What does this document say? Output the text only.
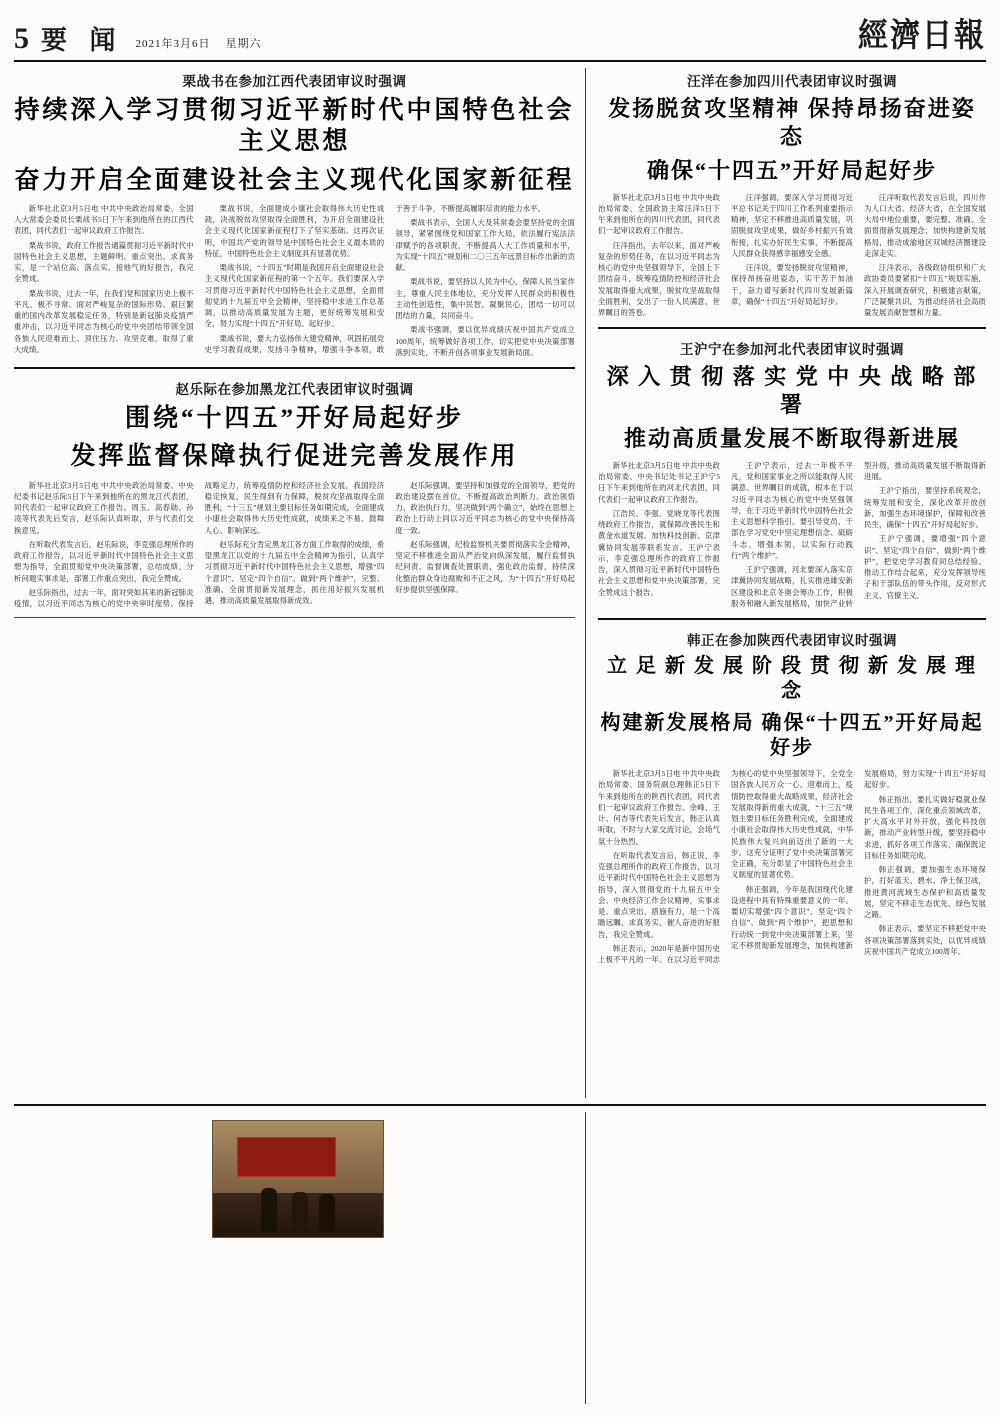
5 要 闻 2021年3月6日 星期六	經濟日報
栗战书在参加江西代表团审议时强调
持续深入学习贯彻习近平新时代中国特色社会主义思想
奋力开启全面建设社会主义现代化国家新征程

新华社北京3月5日电 中共中央政治局常委、全国人大常委会委员长栗战书5日下午来到他所在的江西代表团，同代表们一起审议政府工作报告。

栗战书说，政府工作报告通篇贯彻习近平新时代中国特色社会主义思想，主题鲜明、重点突出、求真务实，是一个站位高、落点实、接地气的好报告，我完全赞成。

栗战书说，过去一年，在我们党和国家历史上极不平凡、极不寻常。面对严峻复杂的国际形势、艰巨繁重的国内改革发展稳定任务，特别是新冠肺炎疫情严重冲击，以习近平同志为核心的党中央团结带领全国各族人民迎难而上、顶住压力、攻坚克难，取得了重大成绩。

栗战书说，全面建成小康社会取得伟大历史性成就，决战脱贫攻坚取得全面胜利，为开启全面建设社会主义现代化国家新征程打下了坚实基础。这再次证明，中国共产党的领导是中国特色社会主义最本质的特征，中国特色社会主义制度具有显著优势。

栗战书说，“十四五”时期是我国开启全面建设社会主义现代化国家新征程的第一个五年。我们要深入学习贯彻习近平新时代中国特色社会主义思想，全面贯彻党的十九届五中全会精神，坚持稳中求进工作总基调，以推动高质量发展为主题，更好统筹发展和安全，努力实现“十四五”开好局、起好步。

栗战书说，要大力弘扬伟大建党精神，巩固拓展党史学习教育成果，发扬斗争精神，增强斗争本领，敢于善于斗争，不断提高履职尽责的能力水平。

栗战书表示，全国人大及其常委会要坚持党的全面领导，紧紧围绕党和国家工作大局，依法履行宪法法律赋予的各项职责，不断提高人大工作质量和水平，为实现“十四五”规划和二〇三五年远景目标作出新的贡献。

栗战书说，要坚持以人民为中心，保障人民当家作主，尊重人民主体地位，充分发挥人民群众的积极性主动性创造性，集中民智、凝聚民心，团结一切可以团结的力量，共同奋斗。

栗战书强调，要以优异成绩庆祝中国共产党成立100周年，统筹做好各项工作，切实把党中央决策部署落到实处，不断开创各项事业发展新局面。

赵乐际在参加黑龙江代表团审议时强调
围绕“十四五”开好局起好步
发挥监督保障执行促进完善发展作用

新华社北京3月5日电 中共中央政治局常委、中央纪委书记赵乐际5日下午来到他所在的黑龙江代表团，同代表们一起审议政府工作报告。周玉、高春勋、孙凌等代表先后发言，赵乐际认真听取，并与代表们交换意见。

在听取代表发言后，赵乐际说，李克强总理所作的政府工作报告，以习近平新时代中国特色社会主义思想为指导，全面贯彻党中央决策部署，总结成绩、分析问题实事求是，部署工作重点突出，我完全赞成。

赵乐际指出，过去一年，面对突如其来的新冠肺炎疫情，以习近平同志为核心的党中央审时度势、保持战略定力，统筹疫情防控和经济社会发展，我国经济稳定恢复，民生得到有力保障，脱贫攻坚战取得全面胜利，“十三五”规划主要目标任务如期完成，全面建成小康社会取得伟大历史性成就，成绩来之不易、鼓舞人心、影响深远。

赵乐际充分肯定黑龙江各方面工作取得的成绩，希望黑龙江以党的十九届五中全会精神为指引，认真学习贯彻习近平新时代中国特色社会主义思想，增强“四个意识”、坚定“四个自信”、做到“两个维护”，完整、准确、全面贯彻新发展理念，抓住用好振兴发展机遇，推动高质量发展取得新成效。

赵乐际强调，要坚持和加强党的全面领导，把党的政治建设摆在首位，不断提高政治判断力、政治领悟力、政治执行力，坚决做到“两个确立”，始终在思想上政治上行动上同以习近平同志为核心的党中央保持高度一致。

赵乐际强调，纪检监察机关要贯彻落实全会精神，坚定不移推进全面从严治党向纵深发展，履行监督执纪问责、监督调查处置职责，强化政治监督，持续深化整治群众身边腐败和不正之风，为“十四五”开好局起好步提供坚强保障。

汪洋在参加四川代表团审议时强调
发扬脱贫攻坚精神 保持昂扬奋进姿态
确保“十四五”开好局起好步

新华社北京3月5日电 中共中央政治局常委、全国政协主席汪洋5日下午来到他所在的四川代表团，同代表们一起审议政府工作报告。

汪洋指出，去年以来，面对严峻复杂的形势任务，在以习近平同志为核心的党中央坚强领导下，全国上下团结奋斗，统筹疫情防控和经济社会发展取得重大成果，脱贫攻坚战取得全面胜利，交出了一份人民满意、世界瞩目的答卷。

汪洋强调，要深入学习贯彻习近平总书记关于四川工作系列重要指示精神，坚定不移推进高质量发展，巩固脱贫攻坚成果，做好乡村振兴有效衔接，扎实办好民生实事，不断提高人民群众获得感幸福感安全感。

汪洋说，要发扬脱贫攻坚精神，保持昂扬奋进姿态，实干苦干加油干，奋力谱写新时代四川发展新篇章，确保“十四五”开好局起好步。

汪洋听取代表发言后说，四川作为人口大省、经济大省，在全国发展大局中地位重要，要完整、准确、全面贯彻新发展理念，加快构建新发展格局，推动成渝地区双城经济圈建设走深走实。

汪洋表示，各级政协组织和广大政协委员要紧扣“十四五”规划实施，深入开展调查研究，积极建言献策，广泛凝聚共识，为推动经济社会高质量发展贡献智慧和力量。

王沪宁在参加河北代表团审议时强调
深 入 贯 彻 落 实 党 中 央 战 略 部 署
推动高质量发展不断取得新进展

新华社北京3月5日电 中共中央政治局常委、中央书记处书记王沪宁5日下午来到他所在的河北代表团，同代表们一起审议政府工作报告。

江浩民、李强、党晓龙等代表围绕政府工作报告，就保障改善民生和黄金水道发展、加快科技创新、京津冀协同发展等联系发言。王沪宁表示，李克强总理所作的政府工作报告，深入贯彻习近平新时代中国特色社会主义思想和党中央决策部署，完全赞成这个报告。

王沪宁表示，过去一年极不平凡，党和国家事业之所以能取得人民满意、世界瞩目的成就，根本在于以习近平同志为核心的党中央坚强领导，在于习近平新时代中国特色社会主义思想科学指引。要引导党员、干部在学习党史中坚定理想信念、砥砺斗志、增强本领，以实际行动践行“两个维护”。

王沪宁强调，河北要深入落实京津冀协同发展战略，扎实推进雄安新区建设和北京冬奥会筹办工作，积极服务和融入新发展格局，加快产业转型升级，推动高质量发展不断取得新进展。

王沪宁指出，要坚持系统观念，统筹发展和安全，深化改革开放创新，加强生态环境保护，保障和改善民生，确保“十四五”开好局起好步。

王沪宁强调，要增强“四个意识”、坚定“四个自信”、做到“两个维护”，把党史学习教育同总结经验、推动工作结合起来，充分发挥领导班子和干部队伍的带头作用，反对形式主义、官僚主义。

韩正在参加陕西代表团审议时强调
立 足 新 发 展 阶 段 贯 彻 新 发 展 理 念
构建新发展格局 确保“十四五”开好局起好步

新华社北京3月5日电 中共中央政治局常委、国务院副总理韩正5日下午来到他所在的陕西代表团，同代表们一起审议政府工作报告。余峰、王计、何杏等代表先后发言，韩正认真听取，不时与大家交流讨论，会场气氛十分热烈。

在听取代表发言后，韩正说，李克强总理所作的政府工作报告，以习近平新时代中国特色社会主义思想为指导，深入贯彻党的十九届五中全会、中央经济工作会议精神，实事求是、重点突出、措施有力，是一个高瞻远瞩、求真务实、催人奋进的好报告，我完全赞成。

韩正表示，2020年是新中国历史上极不平凡的一年。在以习近平同志为核心的党中央坚强领导下，全党全国各族人民万众一心、迎难而上，疫情防控取得重大战略成果，经济社会发展取得新的重大成就，“十三五”规划主要目标任务胜利完成，全面建成小康社会取得伟大历史性成就，中华民族伟大复兴向前迈出了新的一大步。这充分证明了党中央决策部署完全正确，充分彰显了中国特色社会主义制度的显著优势。

韩正强调，今年是我国现代化建设进程中具有特殊重要意义的一年。要切实增强“四个意识”、坚定“四个自信”、做到“两个维护”，把思想和行动统一到党中央决策部署上来，坚定不移贯彻新发展理念，加快构建新发展格局，努力实现“十四五”开好局起好步。

韩正指出，要扎实做好稳就业保民生各项工作，深化重点领域改革，扩大高水平对外开放，强化科技创新，推动产业转型升级，要坚持稳中求进，抓好各项工作落实，确保既定目标任务如期完成。

韩正强调，要加强生态环境保护，打好蓝天、碧水、净土保卫战，推进黄河流域生态保护和高质量发展，坚定不移走生态优先、绿色发展之路。

韩正表示，要坚定不移把党中央各项决策部署落到实处，以优异成绩庆祝中国共产党成立100周年。
